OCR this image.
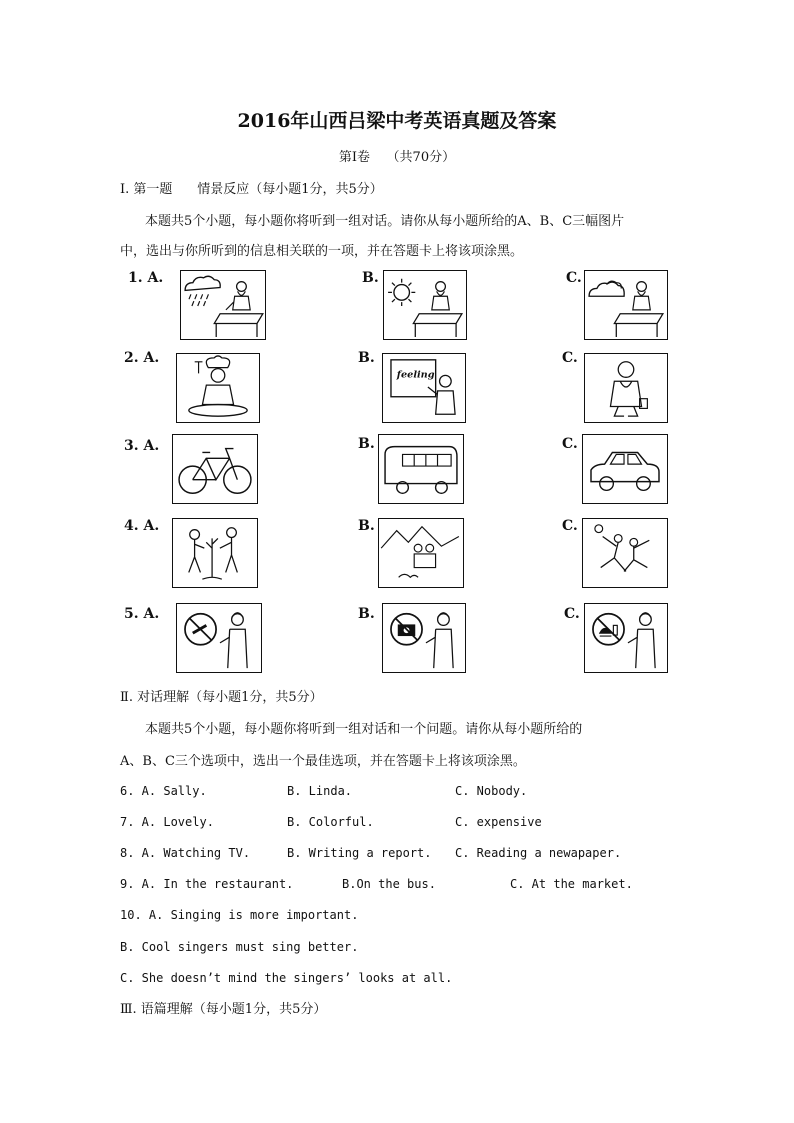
2016年山西吕梁中考英语真题及答案
第Ⅰ卷    （共70分）
Ⅰ. 第一题      情景反应（每小题1分，共5分）
本题共5个小题，每小题你将听到一组对话。请你从每小题所给的A、B、C三幅图片
中，选出与你所听到的信息相关联的一项，并在答题卡上将该项涂黑。
1. A.	B.	C.
2. A.	B.	C.
feeling
3. A.	B.	C.
4. A.	B.	C.
5. A.	B.	C.
Ⅱ. 对话理解（每小题1分，共5分）
本题共5个小题，每小题你将听到一组对话和一个问题。请你从每小题所给的
A、B、C三个选项中，选出一个最佳选项，并在答题卡上将该项涂黑。
6. A. Sally.	B. Linda.	C. Nobody.
7. A. Lovely.	B. Colorful.	C. expensive
8. A. Watching TV.	B. Writing a report. C. Reading a newapaper.
9. A. In the restaurant.	B.On the bus.	C. At the market.
10. A. Singing is more important.
B. Cool singers must sing better.
C. She doesn’t mind the singers’ looks at all.
Ⅲ. 语篇理解（每小题1分，共5分）
